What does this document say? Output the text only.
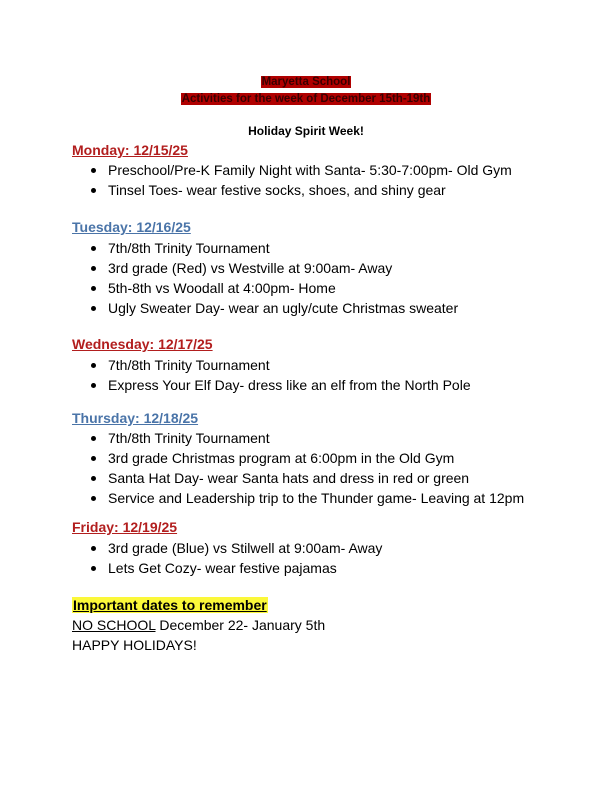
Maryetta School
Activities for the week of December 15th-19th
Holiday Spirit Week!
Monday: 12/15/25
Preschool/Pre-K Family Night with Santa- 5:30-7:00pm- Old Gym
Tinsel Toes- wear festive socks, shoes, and shiny gear
Tuesday: 12/16/25
7th/8th Trinity Tournament
3rd grade (Red) vs Westville at 9:00am- Away
5th-8th vs Woodall at 4:00pm- Home
Ugly Sweater Day- wear an ugly/cute Christmas sweater
Wednesday: 12/17/25
7th/8th Trinity Tournament
Express Your Elf Day- dress like an elf from the North Pole
Thursday: 12/18/25
7th/8th Trinity Tournament
3rd grade Christmas program at 6:00pm in the Old Gym
Santa Hat Day- wear Santa hats and dress in red or green
Service and Leadership trip to the Thunder game- Leaving at 12pm
Friday: 12/19/25
3rd grade (Blue) vs Stilwell at 9:00am- Away
Lets Get Cozy- wear festive pajamas
Important dates to remember
NO SCHOOL December 22- January 5th
HAPPY HOLIDAYS!
